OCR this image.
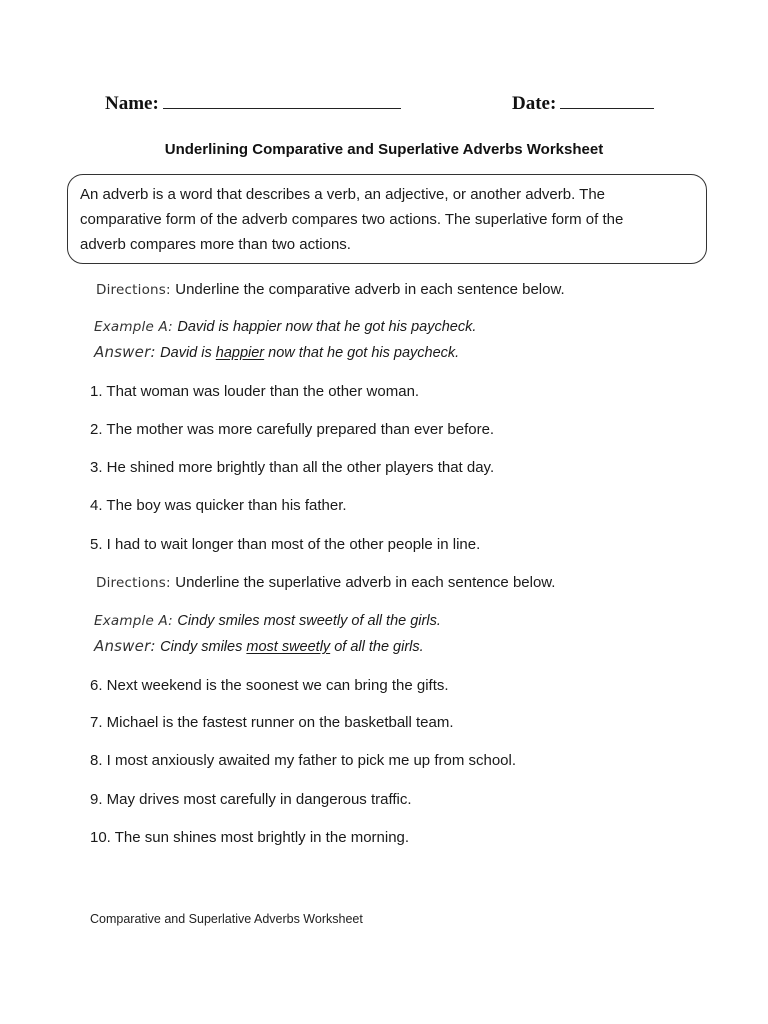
Name:	Date:
Underlining Comparative and Superlative Adverbs Worksheet
An adverb is a word that describes a verb, an adjective, or another adverb. The
comparative form of the adverb compares two actions. The superlative form of the
adverb compares more than two actions.
Directions: Underline the comparative adverb in each sentence below.
Example A: David is happier now that he got his paycheck.
Answer: David is happier now that he got his paycheck.
1. That woman was louder than the other woman.
2. The mother was more carefully prepared than ever before.
3. He shined more brightly than all the other players that day.
4. The boy was quicker than his father.
5. I had to wait longer than most of the other people in line.
Directions: Underline the superlative adverb in each sentence below.
Example A: Cindy smiles most sweetly of all the girls.
Answer: Cindy smiles most sweetly of all the girls.
6. Next weekend is the soonest we can bring the gifts.
7. Michael is the fastest runner on the basketball team.
8. I most anxiously awaited my father to pick me up from school.
9. May drives most carefully in dangerous traffic.
10. The sun shines most brightly in the morning.
Comparative and Superlative Adverbs Worksheet
